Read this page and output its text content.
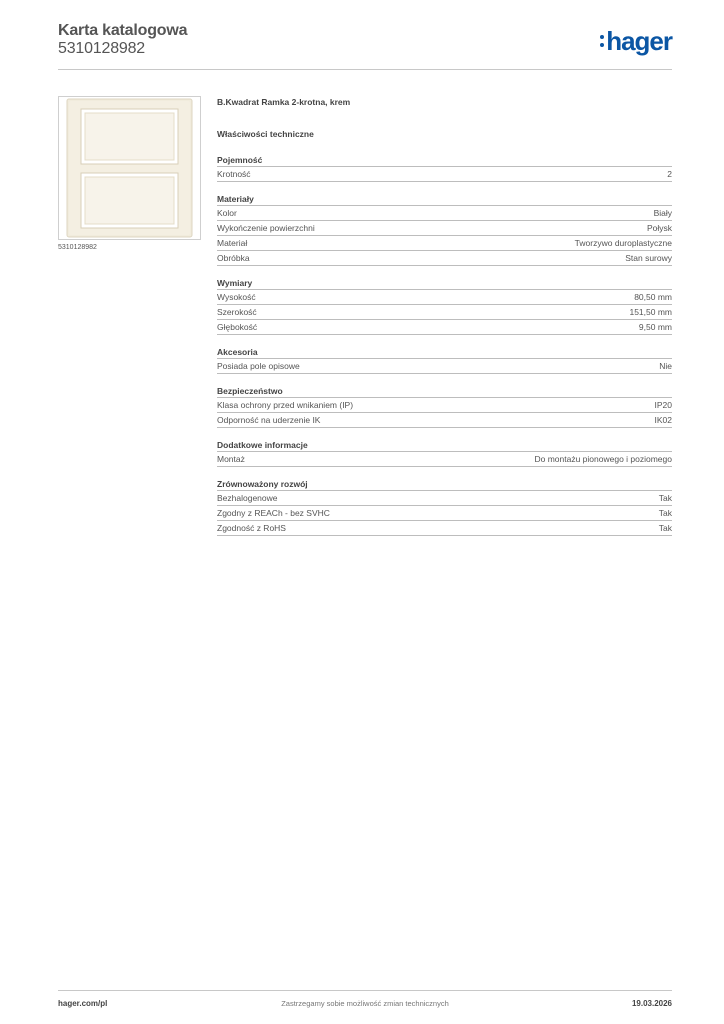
Karta katalogowa
5310128982	hager
5310128982
B.Kwadrat Ramka 2-krotna, krem
Właściwości techniczne
Pojemność
Krotność	2
Materiały
Kolor	Biały
Wykończenie powierzchni	Połysk
Materiał	Tworzywo duroplastyczne
Obróbka	Stan surowy
Wymiary
Wysokość	80,50 mm
Szerokość	151,50 mm
Głębokość	9,50 mm
Akcesoria
Posiada pole opisowe	Nie
Bezpieczeństwo
Klasa ochrony przed wnikaniem (IP)	IP20
Odporność na uderzenie IK	IK02
Dodatkowe informacje
Montaż	Do montażu pionowego i poziomego
Zrównoważony rozwój
Bezhalogenowe	Tak
Zgodny z REACh - bez SVHC	Tak
Zgodność z RoHS	Tak
hager.com/pl	Zastrzegamy sobie możliwość zmian technicznych	19.03.2026
